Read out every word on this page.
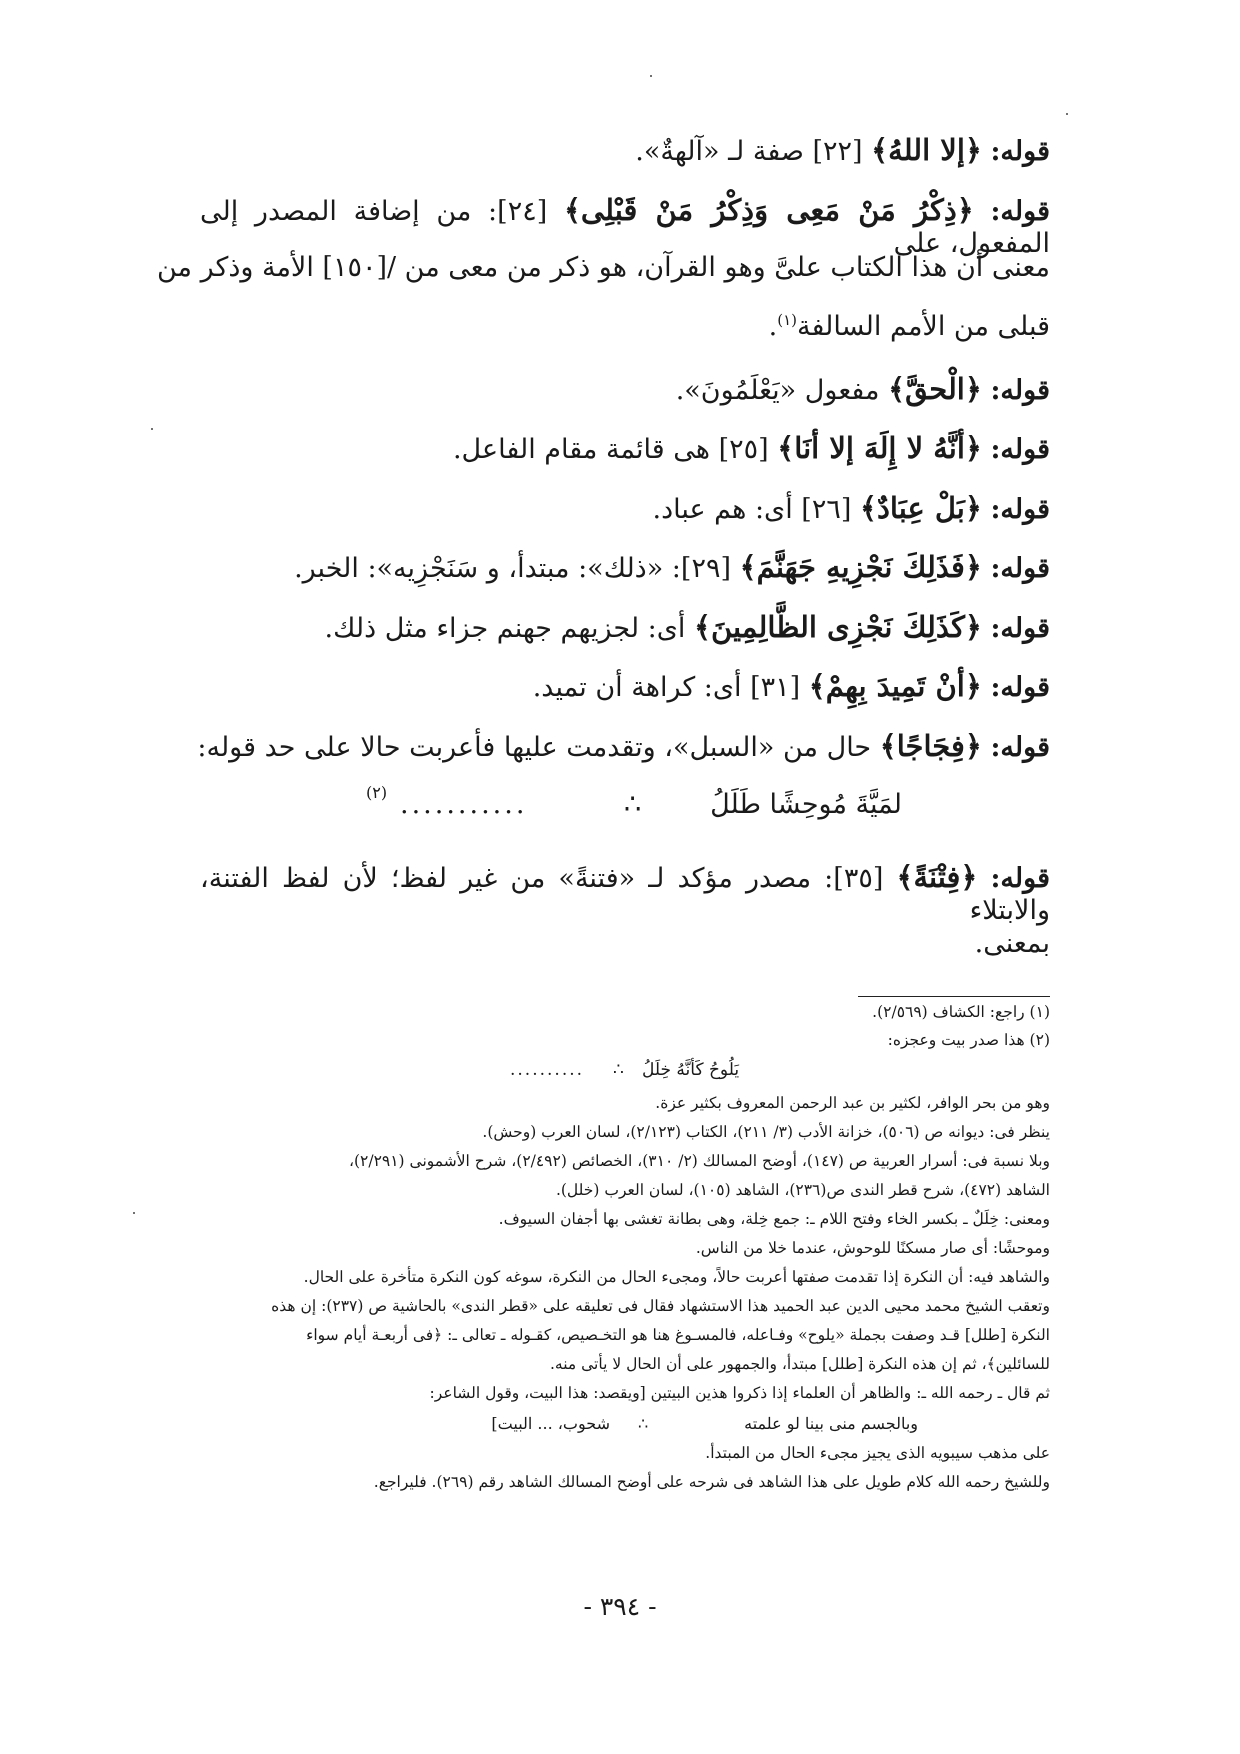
قوله: ﴿إلا اللهُ﴾ [٢٢] صفة لـ «آلهةٌ».
قوله: ﴿ذِكْرُ مَنْ مَعِى وَذِكْرُ مَنْ قَبْلِى﴾ [٢٤]: من إضافة المصدر إلى المفعول، على
معنى أن هذا الكتاب علىَّ وهو القرآن، هو ذكر من معى من /[١٥٠] الأمة وذكر من
قبلى من الأمم السالفة$^{(١)}$.
قوله: ﴿الْحقَّ﴾ مفعول «يَعْلَمُونَ».
قوله: ﴿أنَّهُ لا إِلَهَ إلا أنَا﴾ [٢٥] هى قائمة مقام الفاعل.
قوله: ﴿بَلْ عِبَادٌ﴾ [٢٦] أى: هم عباد.
قوله: ﴿فَذَلِكَ نَجْزِيهِ جَهَنَّمَ﴾ [٢٩]: «ذلك»: مبتدأ، و سَنَجْزِيه»: الخبر.
قوله: ﴿كَذَلِكَ نَجْزِى الظَّالِمِينَ﴾ أى: لجزيهم جهنم جزاء مثل ذلك.
قوله: ﴿أنْ تَمِيدَ بِهِمْ﴾ [٣١] أى: كراهة أن تميد.
قوله: ﴿فِجَاجًا﴾ حال من «السبل»، وتقدمت عليها فأعربت حالا على حد قوله:
لمَيَّةَ مُوحِشًا طَلَلُ
∴
...........
(٢)
قوله: ﴿فِتْنَةً﴾ [٣٥]: مصدر مؤكد لـ «فتنةً» من غير لفظ؛ لأن لفظ الفتنة، والابتلاء
بمعنى.
(١) راجع: الكشاف (٢/٥٦٩).
(٢) هذا صدر بيت وعجزه:
يَلُوحُ كَأنَّهُ خِلَلُ
∴
..........
وهو من بحر الوافر، لكثير بن عبد الرحمن المعروف بكثير عزة.
ينظر فى: ديوانه ص (٥٠٦)، خزانة الأدب (٣/ ٢١١)، الكتاب (٢/١٢٣)، لسان العرب (وحش).
وبلا نسبة فى: أسرار العربية ص (١٤٧)، أوضح المسالك (٢/ ٣١٠)، الخصائص (٢/٤٩٢)، شرح الأشمونى (٢/٢٩١)،
الشاهد (٤٧٢)، شرح قطر الندى ص(٢٣٦)، الشاهد (١٠٥)، لسان العرب (خلل).
ومعنى: خِلَلٌ ـ بكسر الخاء وفتح اللام ـ: جمع خِلة، وهى بطانة تغشى بها أجفان السيوف.
وموحشًا: أى صار مسكنًا للوحوش، عندما خلا من الناس.
والشاهد فيه: أن النكرة إذا تقدمت صفتها أعربت حالاً، ومجىء الحال من النكرة، سوغه كون النكرة متأخرة على الحال.
وتعقب الشيخ محمد محيى الدين عبد الحميد هذا الاستشهاد فقال فى تعليقه على «قطر الندى» بالحاشية ص (٢٣٧): إن هذه
النكرة [طلل] قـد وصفت بجملة «يلوح» وفـاعله، فالمسـوغ هنا هو التخـصيص، كقـوله ـ تعالى ـ: ﴿فى أربعـة أيام سواء
للسائلين﴾، ثم إن هذه النكرة [طلل] مبتدأ، والجمهور على أن الحال لا يأتى منه.
ثم قال ـ رحمه الله ـ: والظاهر أن العلماء إذا ذكروا هذين البيتين [ويقصد: هذا البيت، وقول الشاعر:
وبالجسم منى بينا لو علمته
∴
شحوب، ... البيت]
على مذهب سيبويه الذى يجيز مجىء الحال من المبتدأ.
وللشيخ رحمه الله كلام طويل على هذا الشاهد فى شرحه على أوضح المسالك الشاهد رقم (٢٦٩). فليراجع.
- ٣٩٤ -
